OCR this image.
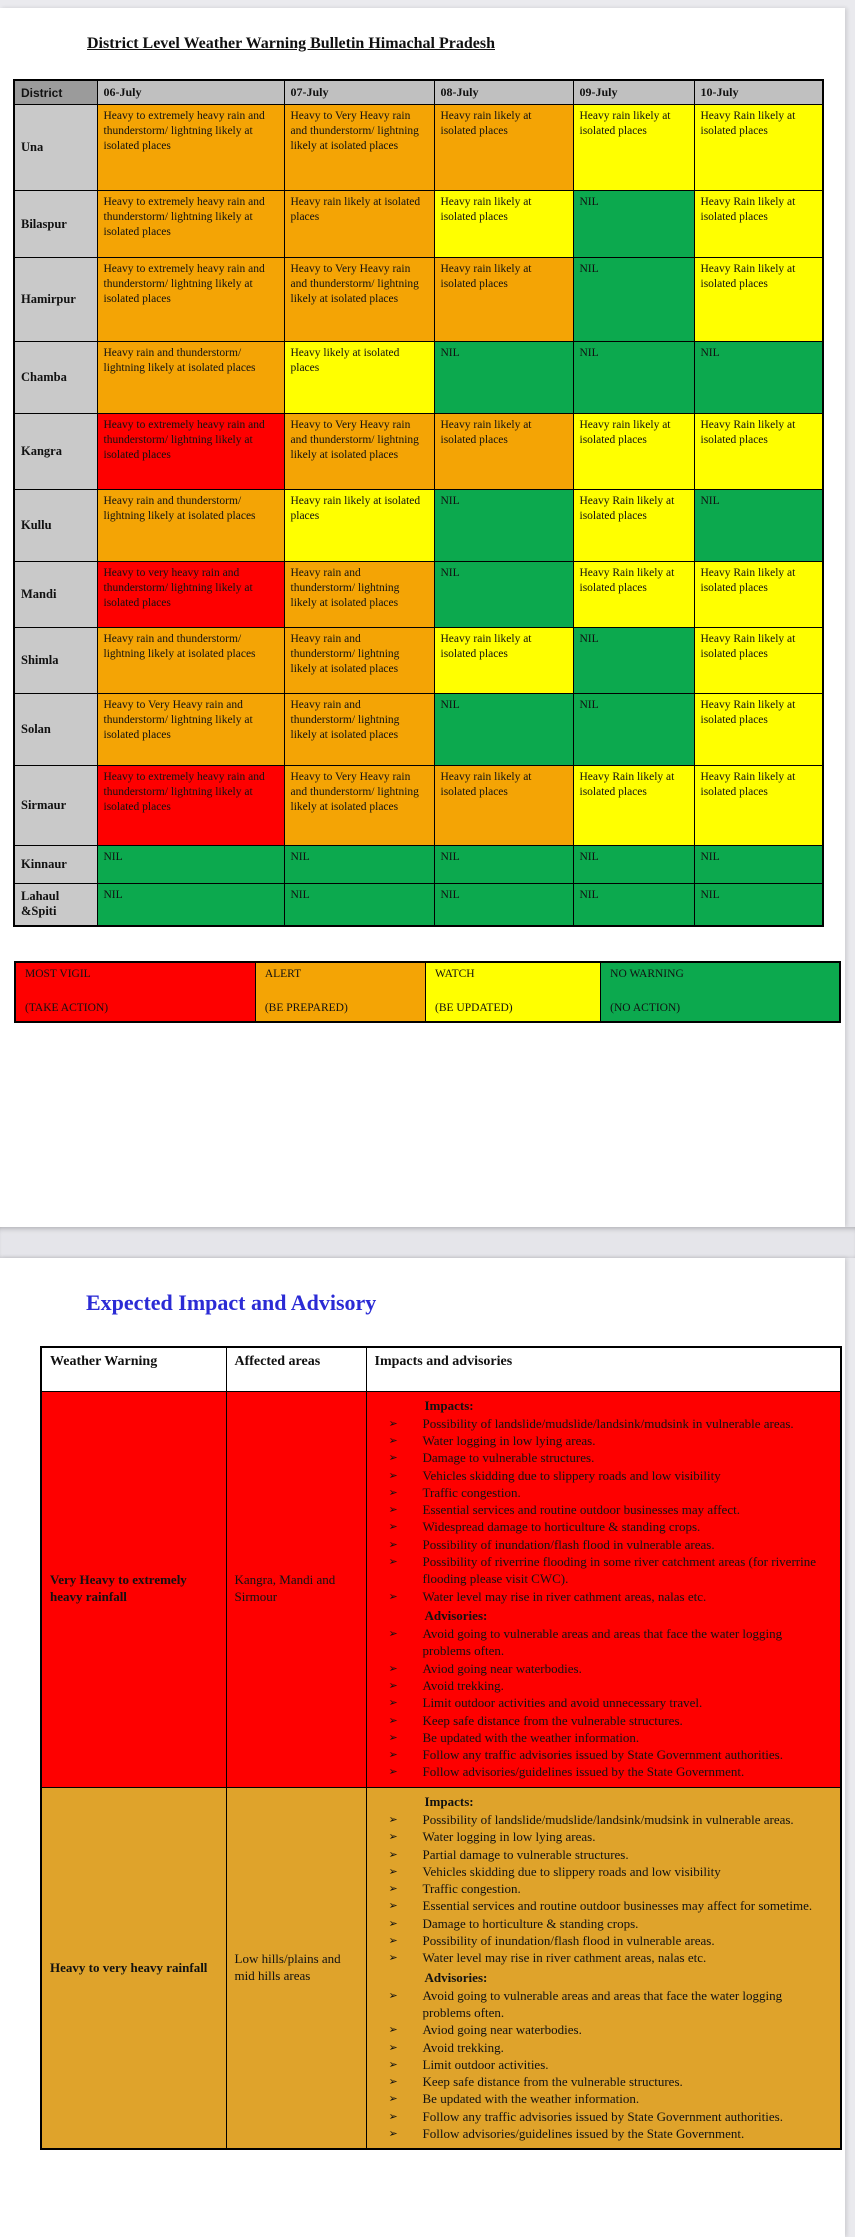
District Level Weather Warning Bulletin Himachal Pradesh
District	06-July	07-July	08-July	09-July	10-July
Una	Heavy to extremely heavy rain and thunderstorm/ lightning likely at isolated places	Heavy to Very Heavy rain and thunderstorm/ lightning likely at isolated places	Heavy rain likely at isolated places	Heavy rain likely at isolated places	Heavy Rain likely at isolated places
Bilaspur	Heavy to extremely heavy rain and thunderstorm/ lightning likely at isolated places	Heavy rain likely at isolated places	Heavy rain likely at isolated places	NIL	Heavy Rain likely at isolated places
Hamirpur	Heavy to extremely heavy rain and thunderstorm/ lightning likely at isolated places	Heavy to Very Heavy rain and thunderstorm/ lightning likely at isolated places	Heavy rain likely at isolated places	NIL	Heavy Rain likely at isolated places
Chamba	Heavy rain and thunderstorm/ lightning likely at isolated places	Heavy likely at isolated places	NIL	NIL	NIL
Kangra	Heavy to extremely heavy rain and thunderstorm/ lightning likely at isolated places	Heavy to Very Heavy rain and thunderstorm/ lightning likely at isolated places	Heavy rain likely at isolated places	Heavy rain likely at isolated places	Heavy Rain likely at isolated places
Kullu	Heavy rain and thunderstorm/ lightning likely at isolated places	Heavy rain likely at isolated places	NIL	Heavy Rain likely at isolated places	NIL
Mandi	Heavy to very heavy rain and thunderstorm/ lightning likely at isolated places	Heavy rain and thunderstorm/ lightning likely at isolated places	NIL	Heavy Rain likely at isolated places	Heavy Rain likely at isolated places
Shimla	Heavy rain and thunderstorm/ lightning likely at isolated places	Heavy rain and thunderstorm/ lightning likely at isolated places	Heavy rain likely at isolated places	NIL	Heavy Rain likely at isolated places
Solan	Heavy to Very Heavy rain and thunderstorm/ lightning likely at isolated places	Heavy rain and thunderstorm/ lightning likely at isolated places	NIL	NIL	Heavy Rain likely at isolated places
Sirmaur	Heavy to extremely heavy rain and thunderstorm/ lightning likely at isolated places	Heavy to Very Heavy rain and thunderstorm/ lightning likely at isolated places	Heavy rain likely at isolated places	Heavy Rain likely at isolated places	Heavy Rain likely at isolated places
Kinnaur	NIL	NIL	NIL	NIL	NIL
Lahaul &Spiti	NIL	NIL	NIL	NIL	NIL
MOST VIGIL
(TAKE ACTION)
ALERT
(BE PREPARED)
WATCH
(BE UPDATED)
NO WARNING
(NO ACTION)
Expected Impact and Advisory
Weather Warning	Affected areas	Impacts and advisories
Very Heavy to extremely heavy rainfall	Kangra, Mandi and Sirmour	
Impacts:
➢	Possibility of landslide/mudslide/landsink/mudsink in vulnerable areas.
➢	Water logging in low lying areas.
➢	Damage to vulnerable structures.
➢	Vehicles skidding due to slippery roads and low visibility
➢	Traffic congestion.
➢	Essential services and routine outdoor businesses may affect.
➢	Widespread damage to horticulture & standing crops.
➢	Possibility of inundation/flash flood in vulnerable areas.
➢	Possibility of riverrine flooding in some river catchment areas (for riverrine flooding please visit CWC).
➢	Water level may rise in river cathment areas, nalas etc.
Advisories:
➢	Avoid going to vulnerable areas and areas that face the water logging problems often.
➢	Aviod going near waterbodies.
➢	Avoid trekking.
➢	Limit outdoor activities and avoid unnecessary travel.
➢	Keep safe distance from the vulnerable structures.
➢	Be updated with the weather information.
➢	Follow any traffic advisories issued by State Government authorities.
➢	Follow advisories/guidelines issued by the State Government.

Heavy to very heavy rainfall	Low hills/plains and mid hills areas	
Impacts:
➢	Possibility of landslide/mudslide/landsink/mudsink in vulnerable areas.
➢	Water logging in low lying areas.
➢	Partial damage to vulnerable structures.
➢	Vehicles skidding due to slippery roads and low visibility
➢	Traffic congestion.
➢	Essential services and routine outdoor businesses may affect for sometime.
➢	Damage to horticulture & standing crops.
➢	Possibility of inundation/flash flood in vulnerable areas.
➢	Water level may rise in river cathment areas, nalas etc.
Advisories:
➢	Avoid going to vulnerable areas and areas that face the water logging problems often.
➢	Aviod going near waterbodies.
➢	Avoid trekking.
➢	Limit outdoor activities.
➢	Keep safe distance from the vulnerable structures.
➢	Be updated with the weather information.
➢	Follow any traffic advisories issued by State Government authorities.
➢	Follow advisories/guidelines issued by the State Government.
